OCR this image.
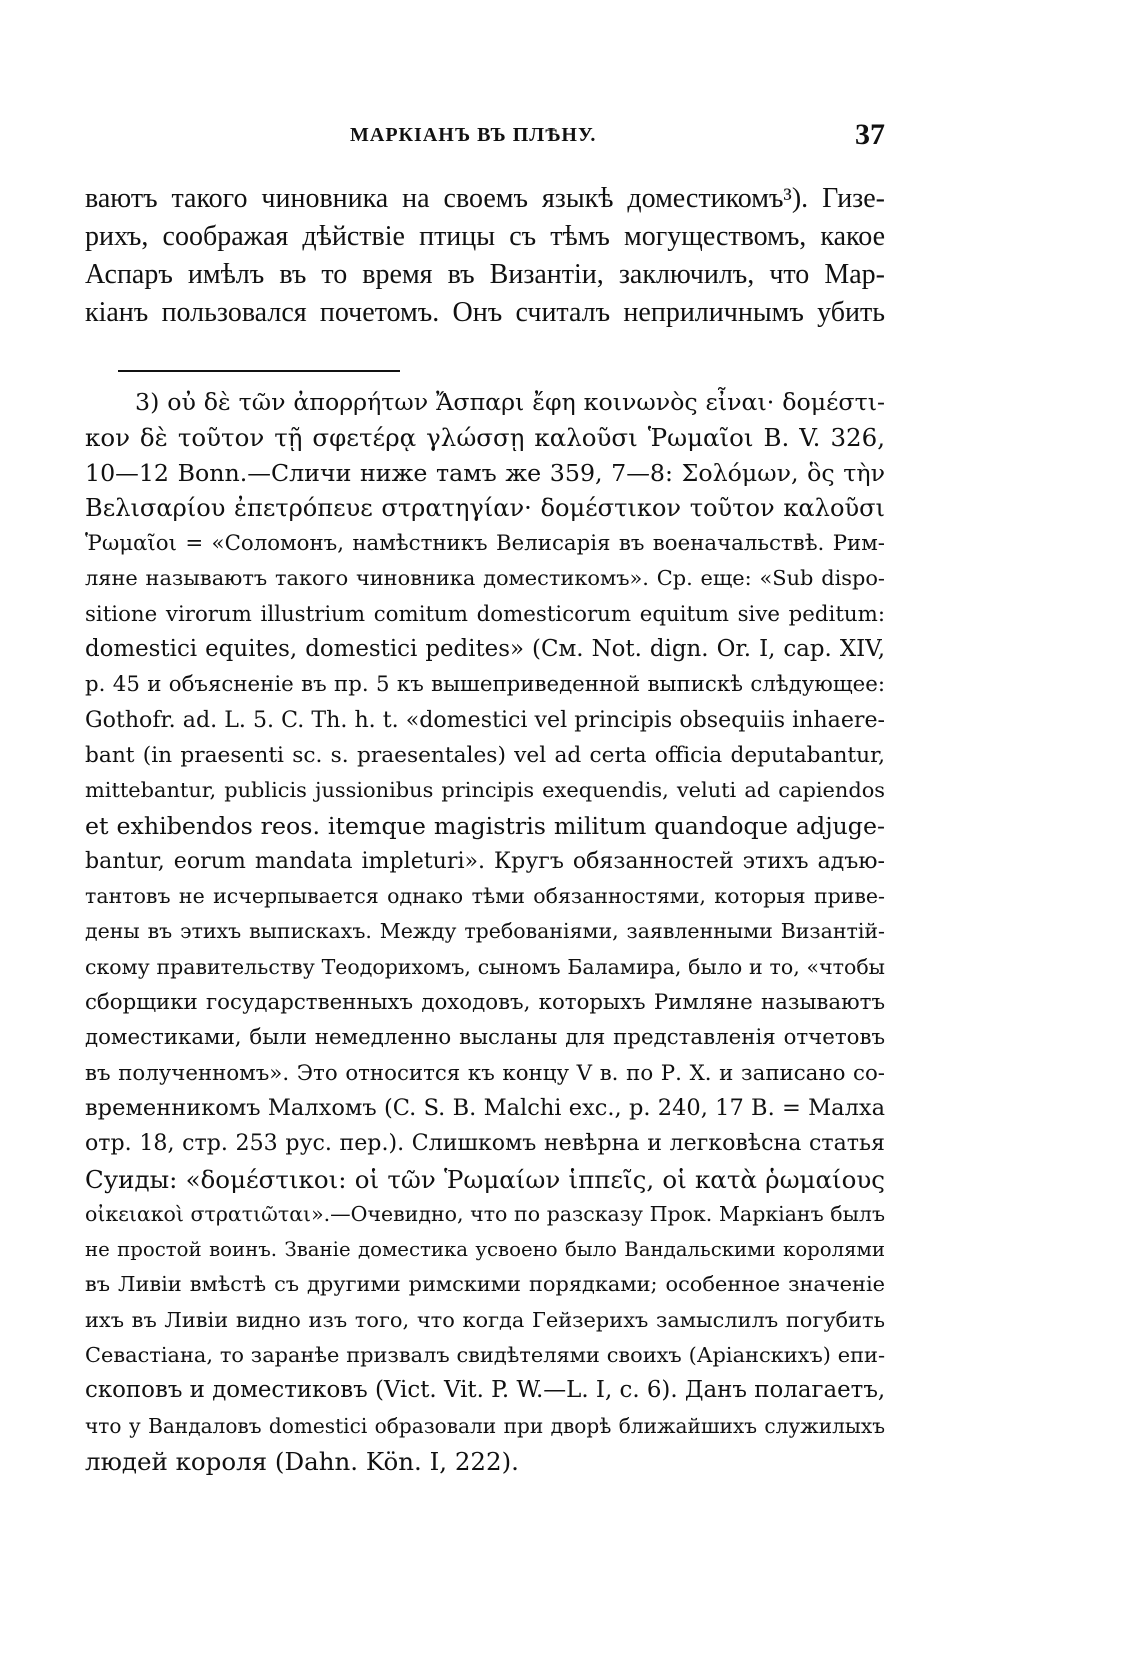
МАРКІАНЪ ВЪ ПЛѢНУ.	37
ваютъ такого чиновника на своемъ языкѣ доместикомъ³). Гизе-
рихъ, соображая дѣйствіе птицы съ тѣмъ могуществомъ, какое
Аспаръ имѣлъ въ то время въ Византіи, заключилъ, что Мар-
кіанъ пользовался почетомъ. Онъ считалъ неприличнымъ убить
3) οὐ δὲ τῶν ἀπορρήτων Ἄσπαρι ἔφη κοινωνὸς εἶναι· δομέστι-
κον δὲ τοῦτον τῇ σφετέρᾳ γλώσσῃ καλοῦσι Ῥωμαῖοι B. V. 326,
10—12 Bonn.—Сличи ниже тамъ же 359, 7—8: Σολόμων, ὃς τὴν
Βελισαρίου ἐπετρόπευε στρατηγίαν· δομέστικον τοῦτον καλοῦσι
Ῥωμαῖοι = «Соломонъ, намѣстникъ Велисарія въ военачальствѣ. Рим-
ляне называютъ такого чиновника доместикомъ». Ср. еще: «Sub dispo-
sitione virorum illustrium comitum domesticorum equitum sive peditum:
domestici equites, domestici pedites» (См. Not. dign. Or. I, cap. XIV,
p. 45 и объясненіе въ пр. 5 къ вышеприведенной выпискѣ слѣдующее:
Gothofr. ad. L. 5. C. Th. h. t. «domestici vel principis obsequiis inhaere-
bant (in praesenti sc. s. praesentales) vel ad certa officia deputabantur,
mittebantur, publicis jussionibus principis exequendis, veluti ad capiendos
et exhibendos reos. itemque magistris militum quandoque adjuge-
bantur, eorum mandata impleturi». Кругъ обязанностей этихъ адъю-
тантовъ не исчерпывается однако тѣми обязанностями, которыя приве-
дены въ этихъ выпискахъ. Между требованіями, заявленными Византій-
скому правительству Теодорихомъ, сыномъ Баламира, было и то, «чтобы
сборщики государственныхъ доходовъ, которыхъ Римляне называютъ
доместиками, были немедленно высланы для представленія отчетовъ
въ полученномъ». Это относится къ концу V в. по Р. Х. и записано со-
временникомъ Малхомъ (C. S. B. Malchi exc., p. 240, 17 B. = Малха
отр. 18, стр. 253 рус. пер.). Слишкомъ невѣрна и легковѣсна статья
Суиды: «δομέστικοι: οἱ τῶν Ῥωμαίων ἱππεῖς, οἱ κατὰ ῥωμαίους
οἰκειακοὶ στρατιῶται».—Очевидно, что по разсказу Прок. Маркіанъ былъ
не простой воинъ. Званіе доместика усвоено было Вандальскими королями
въ Ливіи вмѣстѣ съ другими римскими порядками; особенное значеніе
ихъ въ Ливіи видно изъ того, что когда Гейзерихъ замыслилъ погубить
Севастіана, то заранѣе призвалъ свидѣтелями своихъ (Аріанскихъ) епи-
скоповъ и доместиковъ (Vict. Vit. P. W.—L. I, c. 6). Данъ полагаетъ,
что у Вандаловъ domestici образовали при дворѣ ближайшихъ служилыхъ
людей короля (Dahn. Kön. I, 222).
